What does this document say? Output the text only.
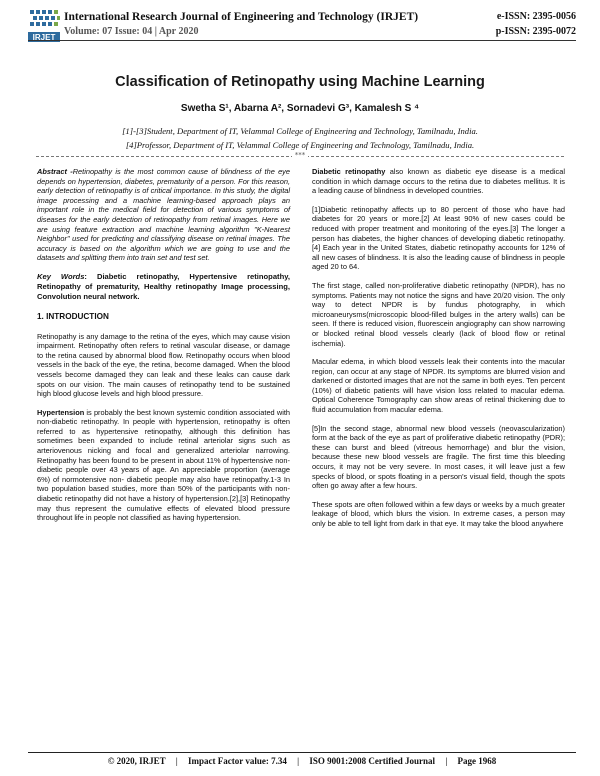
IRJET
International Research Journal of Engineering and Technology (IRJET)
Volume: 07 Issue: 04 | Apr 2020
e-ISSN: 2395-0056
p-ISSN: 2395-0072
Classification of Retinopathy using Machine Learning
Swetha S¹, Abarna A², Sornadevi G³, Kamalesh S ⁴
[1]-[3]Student, Department of IT, Velammal College of Engineering and Technology, Tamilnadu, India.
[4]Professor, Department of IT, Velammal College of Engineering and Technology, Tamilnadu, India.
***

Abstract -Retinopathy is the most common cause of blindness of the eye depends on hypertension, diabetes, prematurity of a person. For this reason, early detection of retinopathy is of critical importance. In this study, the digital image processing and a machine learning-based approach plays an important role in the medical field for detection of various symptoms of diseases for the early detection of retinopathy from retinal images. Here we are using feature extraction and machine learning algorithm "K-Nearest Neighbor" used for predicting and classifying disease on retinal images. The accuracy is based on the algorithm which we are going to use and the datasets and splitting them into train set and test set.

Key Words: Diabetic retinopathy, Hypertensive retinopathy, Retinopathy of prematurity, Healthy retinopathy Image processing, Convolution neural network.

1. INTRODUCTION

Retinopathy is any damage to the retina of the eyes, which may cause vision impairment. Retinopathy often refers to retinal vascular disease, or damage to the retina caused by abnormal blood flow. Retinopathy occurs when blood vessels in the back of the eye, the retina, become damaged. When the blood vessels become damaged they can leak and these leaks can cause dark spots on our vision. The main causes of retinopathy tend to be sustained high blood glucose levels and high blood pressure.

Hypertension is probably the best known systemic condition associated with non-diabetic retinopathy. In people with hypertension, retinopathy is often referred to as hypertensive retinopathy, although this definition has sometimes been expanded to include retinal arteriolar signs such as arteriovenous nicking and focal and generalized arteriolar narrowing. Retinopathy has been found to be present in about 11% of hypertensive non-diabetic people over 43 years of age. An appreciable proportion (average 6%) of normotensive non- diabetic people may also have retinopathy.1-3 In two population based studies, more than 50% of the participants with non- diabetic retinopathy did not have a history of hypertension.[2],[3] Retinopathy may thus represent the cumulative effects of elevated blood pressure throughout life in people not classified as having hypertension.

Diabetic retinopathy also known as diabetic eye disease is a medical condition in which damage occurs to the retina due to diabetes mellitus. It is a leading cause of blindness in developed countries.

[1]Diabetic retinopathy affects up to 80 percent of those who have had diabetes for 20 years or more.[2] At least 90% of new cases could be reduced with proper treatment and monitoring of the eyes.[3] The longer a person has diabetes, the higher chances of developing diabetic retinopathy.[4] Each year in the United States, diabetic retinopathy accounts for 12% of all new cases of blindness. It is also the leading cause of blindness in people aged 20 to 64.

The first stage, called non-proliferative diabetic retinopathy (NPDR), has no symptoms. Patients may not notice the signs and have 20/20 vision. The only way to detect NPDR is by fundus photography, in which microaneurysms(microscopic blood-filled bulges in the artery walls) can be seen. If there is reduced vision, fluorescein angiography can show narrowing or blocked retinal blood vessels clearly (lack of blood flow or retinal ischemia).

Macular edema, in which blood vessels leak their contents into the macular region, can occur at any stage of NPDR. Its symptoms are blurred vision and darkened or distorted images that are not the same in both eyes. Ten percent (10%) of diabetic patients will have vision loss related to macular edema. Optical Coherence Tomography can show areas of retinal thickening due to fluid accumulation from macular edema.

[5]In the second stage, abnormal new blood vessels (neovascularization) form at the back of the eye as part of proliferative diabetic retinopathy (PDR); these can burst and bleed (vitreous hemorrhage) and blur the vision, because these new blood vessels are fragile. The first time this bleeding occurs, it may not be very severe. In most cases, it will leave just a few specks of blood, or spots floating in a person's visual field, though the spots often go away after a few hours.

These spots are often followed within a few days or weeks by a much greater leakage of blood, which blurs the vision. In extreme cases, a person may only be able to tell light from dark in that eye. It may take the blood anywhere

© 2020, IRJET | Impact Factor value: 7.34 | ISO 9001:2008 Certified Journal | Page 1968
